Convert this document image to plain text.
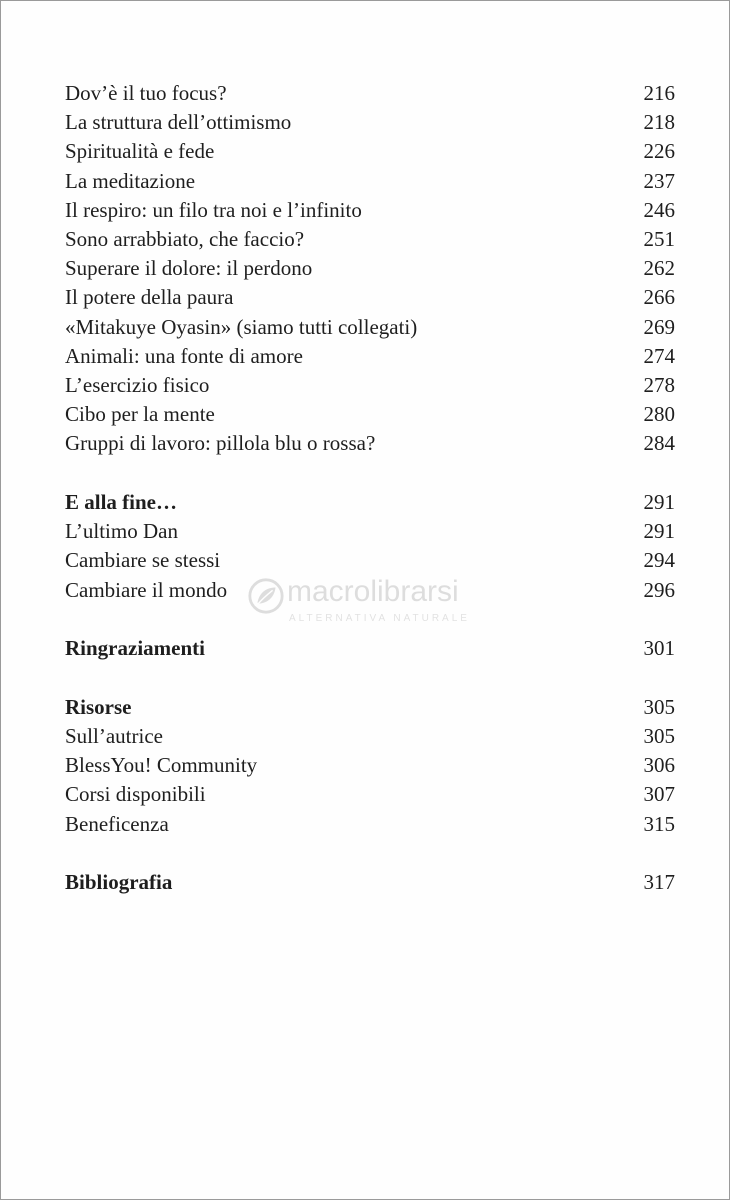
Dov’è il tuo focus?	216
La struttura dell’ottimismo	218
Spiritualità e fede	226
La meditazione	237
Il respiro: un filo tra noi e l’infinito	246
Sono arrabbiato, che faccio?	251
Superare il dolore: il perdono	262
Il potere della paura	266
«Mitakuye Oyasin» (siamo tutti collegati)	269
Animali: una fonte di amore	274
L’esercizio fisico	278
Cibo per la mente	280
Gruppi di lavoro: pillola blu o rossa?	284
E alla fine…	291
L’ultimo Dan	291
Cambiare se stessi	294
Cambiare il mondo	296
Ringraziamenti	301
Risorse	305
Sull’autrice	305
BlessYou! Community	306
Corsi disponibili	307
Beneficenza	315
Bibliografia	317
macrolibrarsi
ALTERNATIVA NATURALE
